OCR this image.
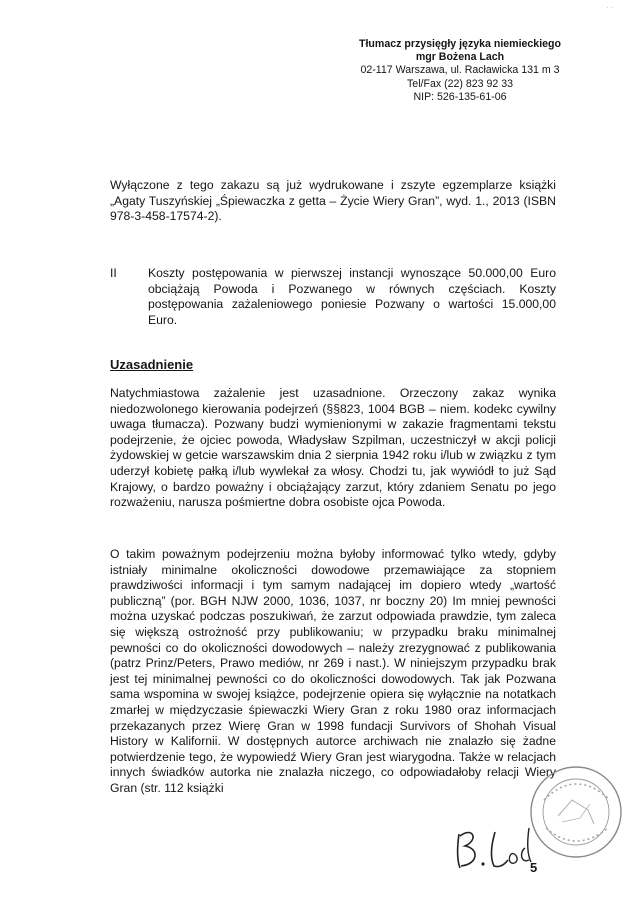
· ·
Tłumacz przysięgły języka niemieckiego
mgr Bożena Lach
02-117 Warszawa, ul. Racławicka 131 m 3
Tel/Fax (22) 823 92 33
NIP: 526-135-61-06
Wyłączone z tego zakazu są już wydrukowane i zszyte egzemplarze książki „Agaty Tuszyńskiej „Śpiewaczka z getta – Życie Wiery Gran”, wyd. 1., 2013 (ISBN 978-3-458-17574-2).
II	Koszty postępowania w pierwszej instancji wynoszące 50.000,00 Euro obciążają Powoda i Pozwanego w równych częściach. Koszty postępowania zażaleniowego poniesie Pozwany o wartości 15.000,00 Euro.
Uzasadnienie
Natychmiastowa zażalenie jest uzasadnione. Orzeczony zakaz wynika niedozwolonego kierowania podejrzeń (§§823, 1004 BGB – niem. kodekc cywilny uwaga tłumacza). Pozwany budzi wymienionymi w zakazie fragmentami tekstu podejrzenie, że ojciec powoda, Władysław Szpilman, uczestniczył w akcji policji żydowskiej w getcie warszawskim dnia 2 sierpnia 1942 roku i/lub w związku z tym uderzył kobietę pałką i/lub wywlekał za włosy. Chodzi tu, jak wywiódł to już Sąd Krajowy, o bardzo poważny i obciążający zarzut, który zdaniem Senatu po jego rozważeniu, narusza pośmiertne dobra osobiste ojca Powoda.
O takim poważnym podejrzeniu można byłoby informować tylko wtedy, gdyby istniały minimalne okoliczności dowodowe przemawiające za stopniem prawdziwości informacji i tym samym nadającej im dopiero wtedy „wartość publiczną” (por. BGH NJW 2000, 1036, 1037, nr boczny 20) Im mniej pewności można uzyskać podczas poszukiwań, że zarzut odpowiada prawdzie, tym zaleca się większą ostrożność przy publikowaniu; w przypadku braku minimalnej pewności co do okoliczności dowodowych – należy zrezygnować z publikowania (patrz Prinz/Peters, Prawo mediów, nr 269 i nast.). W niniejszym przypadku brak jest tej minimalnej pewności co do okoliczności dowodowych. Tak jak Pozwana sama wspomina w swojej książce, podejrzenie opiera się wyłącznie na notatkach zmarłej w międzyczasie śpiewaczki Wiery Gran z roku 1980 oraz informacjach przekazanych przez Wierę Gran w 1998 fundacji Survivors of Shohah Visual History w Kalifornii. W dostępnych autorce archiwach nie znalazło się żadne potwierdzenie tego, że wypowiedź Wiery Gran jest wiarygodna. Także w relacjach innych świadków autorka nie znalazła niczego, co odpowiadałoby relacji Wiery Gran (str. 112 książki
5
